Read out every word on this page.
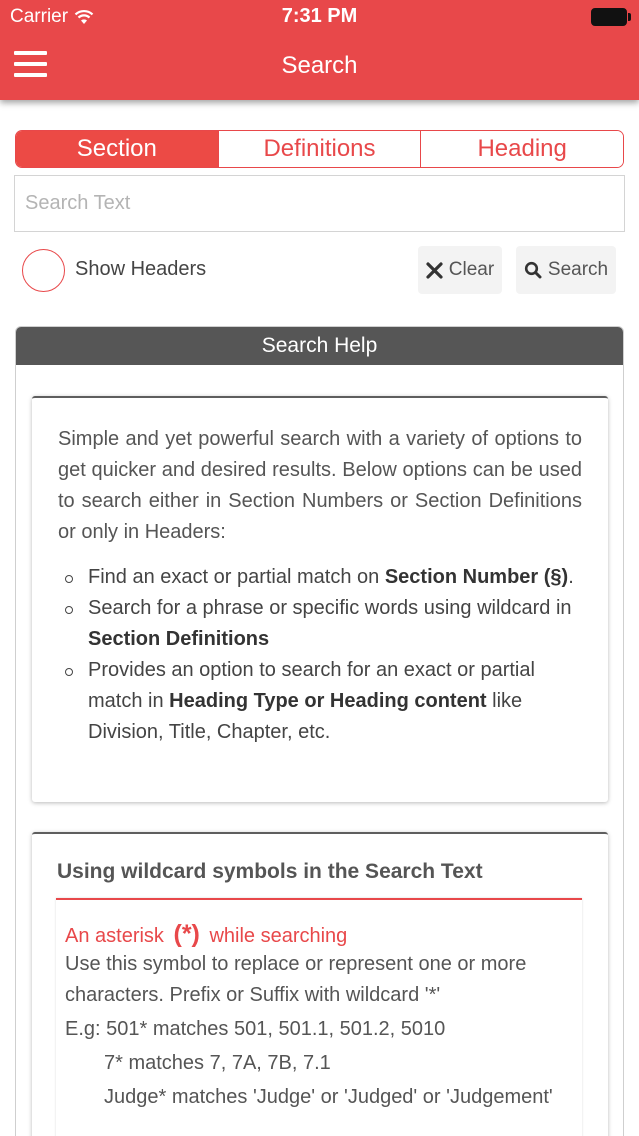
Carrier	7:31 PM
Search
Section	Definitions	Heading
Search Text
Show Headers	Clear	Search
Search Help

Simple and yet powerful search with a variety of options to get quicker and desired results. Below options can be used to search either in Section Numbers or Section Definitions or only in Headers:

Find an exact or partial match on Section Number (§).
Search for a phrase or specific words using wildcard in Section Definitions
Provides an option to search for an exact or partial match in Heading Type or Heading content like Division, Title, Chapter, etc.
Using wildcard symbols in the Search Text
An asterisk (*) while searching

Use this symbol to replace or represent one or more characters. Prefix or Suffix with wildcard '*'

E.g: 501* matches 501, 501.1, 501.2, 5010

7* matches 7, 7A, 7B, 7.1

Judge* matches 'Judge' or 'Judged' or 'Judgement'
